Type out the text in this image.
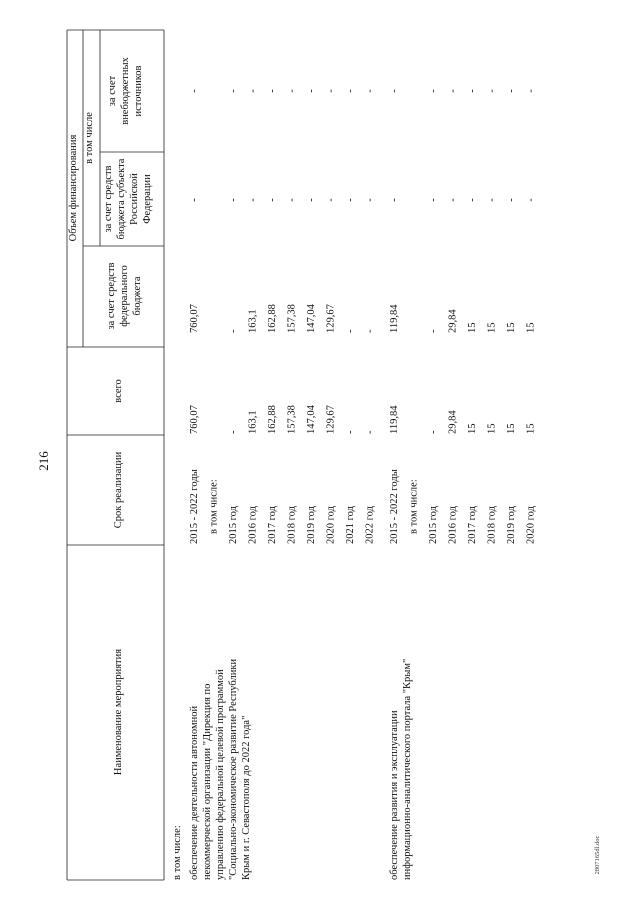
216
2807165dl.doc
Наименование мероприятия
Срок реализации
всего
Объем финансирования в том числе
за счет средств федерального бюджета
за счет средств бюджета субъекта Российской Федерации
за счет внебюджетных источников
в том числе: обеспечение деятельности автономной некоммерческой организации "Дирекция по управлению федеральной целевой программой "Социально-экономическое развитие Республики Крым и г. Севастополя до 2022 года"
2015 - 2022 годы
760,07
760,07
-
-
в том числе: 2015 год
-
-
-
-
2016 год
163,1
163,1
-
-
2017 год
162,88
162,88
-
-
2018 год
157,38
157,38
-
-
2019 год
147,04
147,04
-
-
2020 год
129,67
129,67
-
-
2021 год
-
-
-
-
2022 год
-
-
-
-
обеспечение развития и эксплуатации информационно-аналитического портала "Крым"
2015 - 2022 годы
119,84
119,84
-
-
в том числе: 2015 год
-
-
-
-
2016 год
29,84
29,84
-
-
2017 год
15
15
-
-
2018 год
15
15
-
-
2019 год
15
15
-
-
2020 год
15
15
-
-
